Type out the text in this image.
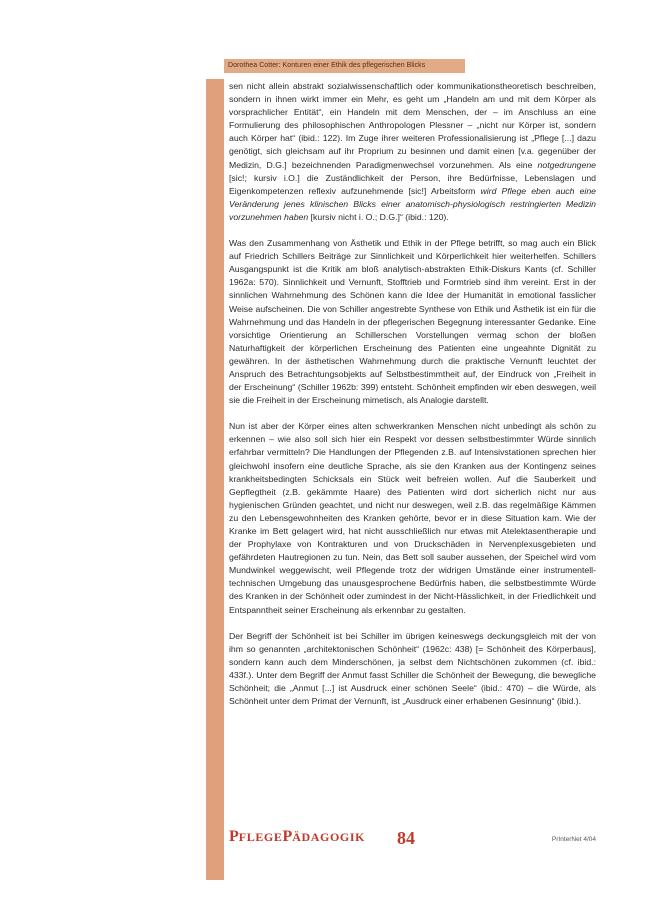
Dorothea Cotter: Konturen einer Ethik des pflegerischen Blicks

sen nicht allein abstrakt sozialwissenschaftlich oder kommunikationstheoretisch beschreiben, sondern in ihnen wirkt immer ein Mehr, es geht um „Handeln am und mit dem Körper als vorsprachlicher Entität“, ein Handeln mit dem Menschen, der – im Anschluss an eine Formulierung des philosophischen Anthropologen Plessner – „nicht nur Körper ist, sondern auch Körper hat“ (ibid.: 122). Im Zuge ihrer weiteren Professionalisierung ist „Pflege [...] dazu genötigt, sich gleichsam auf ihr Proprium zu besinnen und damit einen [v.a. gegenüber der Medizin, D.G.] bezeichnenden Paradigmenwechsel vorzunehmen. Als eine notgedrungene [sic!; kursiv i.O.] die Zuständlichkeit der Person, ihre Bedürfnisse, Lebenslagen und Eigenkompetenzen reflexiv aufzunehmende [sic!] Arbeitsform wird Pflege eben auch eine Veränderung jenes klinischen Blicks einer anatomisch-physiologisch restringierten Medizin vorzunehmen haben [kursiv nicht i. O.; D.G.]“ (ibid.: 120).

Was den Zusammenhang von Ästhetik und Ethik in der Pflege betrifft, so mag auch ein Blick auf Friedrich Schillers Beiträge zur Sinnlichkeit und Körperlichkeit hier weiterhelfen. Schillers Ausgangspunkt ist die Kritik am bloß analytisch-abstrakten Ethik-Diskurs Kants (cf. Schiller 1962a: 570). Sinnlichkeit und Vernunft, Stofftrieb und Formtrieb sind ihm vereint. Erst in der sinnlichen Wahrnehmung des Schönen kann die Idee der Humanität in emotional fasslicher Weise aufscheinen. Die von Schiller angestrebte Synthese von Ethik und Ästhetik ist ein für die Wahrnehmung und das Handeln in der pflegerischen Begegnung interessanter Gedanke. Eine vorsichtige Orientierung an Schillerschen Vorstellungen vermag schon der bloßen Naturhaftigkeit der körperlichen Erscheinung des Patienten eine ungeahnte Dignität zu gewähren. In der ästhetischen Wahrnehmung durch die praktische Vernunft leuchtet der Anspruch des Betrachtungsobjekts auf Selbstbestimmtheit auf, der Eindruck von „Freiheit in der Erscheinung“ (Schiller 1962b: 399) entsteht. Schönheit empfinden wir eben deswegen, weil sie die Freiheit in der Erscheinung mimetisch, als Analogie darstellt.

Nun ist aber der Körper eines alten schwerkranken Menschen nicht unbedingt als schön zu erkennen – wie also soll sich hier ein Respekt vor dessen selbstbestimmter Würde sinnlich erfahrbar vermitteln? Die Handlungen der Pflegenden z.B. auf Intensivstationen sprechen hier gleichwohl insofern eine deutliche Sprache, als sie den Kranken aus der Kontingenz seines krankheitsbedingten Schicksals ein Stück weit befreien wollen. Auf die Sauberkeit und Gepflegtheit (z.B. gekämmte Haare) des Patienten wird dort sicherlich nicht nur aus hygienischen Gründen geachtet, und nicht nur deswegen, weil z.B. das regelmäßige Kämmen zu den Lebensgewohnheiten des Kranken gehörte, bevor er in diese Situation kam. Wie der Kranke im Bett gelagert wird, hat nicht ausschließlich nur etwas mit Atelektasentherapie und der Prophylaxe von Kontrakturen und von Druckschäden in Nervenplexusgebieten und gefährdeten Hautregionen zu tun. Nein, das Bett soll sauber aussehen, der Speichel wird vom Mundwinkel weggewischt, weil Pflegende trotz der widrigen Umstände einer instrumentell-technischen Umgebung das unausgesprochene Bedürfnis haben, die selbstbestimmte Würde des Kranken in der Schönheit oder zumindest in der Nicht-Hässlichkeit, in der Friedlichkeit und Entspanntheit seiner Erscheinung als erkennbar zu gestalten.

Der Begriff der Schönheit ist bei Schiller im übrigen keineswegs deckungsgleich mit der von ihm so genannten „architektonischen Schönheit“ (1962c: 438) [= Schönheit des Körperbaus], sondern kann auch dem Minderschönen, ja selbst dem Nichtschönen zukommen (cf. ibid.: 433f.). Unter dem Begriff der Anmut fasst Schiller die Schönheit der Bewegung, die bewegliche Schönheit; die „Anmut [...] ist Ausdruck einer schönen Seele“ (ibid.: 470) – die Würde, als Schönheit unter dem Primat der Vernunft, ist „Ausdruck einer erhabenen Gesinnung“ (ibid.).

PFLEGEPÄDAGOGIK 84	PrInterNet 4/04
